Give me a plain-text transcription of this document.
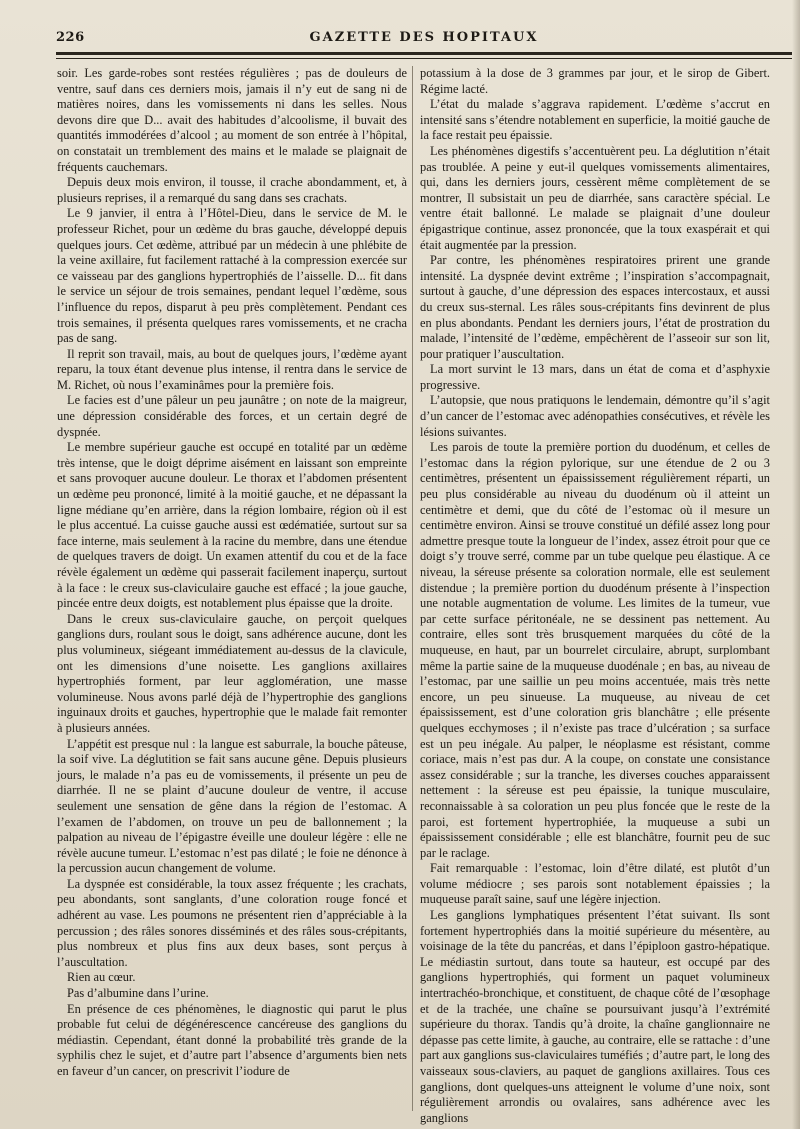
226	GAZETTE DES HOPITAUX

soir. Les garde-robes sont restées régulières ; pas de douleurs de ventre, sauf dans ces derniers mois, jamais il n’y eut de sang ni de matières noires, dans les vomissements ni dans les selles. Nous devons dire que D... avait des habitudes d’alcoolisme, il buvait des quantités immodérées d’alcool ; au moment de son entrée à l’hôpital, on constatait un tremblement des mains et le malade se plaignait de fréquents cauchemars.

Depuis deux mois environ, il tousse, il crache abondamment, et, à plusieurs reprises, il a remarqué du sang dans ses crachats.

Le 9 janvier, il entra à l’Hôtel-Dieu, dans le service de M. le professeur Richet, pour un œdème du bras gauche, développé depuis quelques jours. Cet œdème, attribué par un médecin à une phlébite de la veine axillaire, fut facilement rattaché à la compression exercée sur ce vaisseau par des ganglions hypertrophiés de l’aisselle. D... fit dans le service un séjour de trois semaines, pendant lequel l’œdème, sous l’influence du repos, disparut à peu près complètement. Pendant ces trois semaines, il présenta quelques rares vomissements, et ne cracha pas de sang.

Il reprit son travail, mais, au bout de quelques jours, l’œdème ayant reparu, la toux étant devenue plus intense, il rentra dans le service de M. Richet, où nous l’examinâmes pour la première fois.

Le facies est d’une pâleur un peu jaunâtre ; on note de la maigreur, une dépression considérable des forces, et un certain degré de dyspnée.

Le membre supérieur gauche est occupé en totalité par un œdème très intense, que le doigt déprime aisément en laissant son empreinte et sans provoquer aucune douleur. Le thorax et l’abdomen présentent un œdème peu prononcé, limité à la moitié gauche, et ne dépassant la ligne médiane qu’en arrière, dans la région lombaire, région où il est le plus accentué. La cuisse gauche aussi est œdématiée, surtout sur sa face interne, mais seulement à la racine du membre, dans une étendue de quelques travers de doigt. Un examen attentif du cou et de la face révèle également un œdème qui passerait facilement inaperçu, surtout à la face : le creux sus-claviculaire gauche est effacé ; la joue gauche, pincée entre deux doigts, est notablement plus épaisse que la droite.

Dans le creux sus-claviculaire gauche, on perçoit quelques ganglions durs, roulant sous le doigt, sans adhérence aucune, dont les plus volumineux, siégeant immédiatement au-dessus de la clavicule, ont les dimensions d’une noisette. Les ganglions axillaires hypertrophiés forment, par leur agglomération, une masse volumineuse. Nous avons parlé déjà de l’hypertrophie des ganglions inguinaux droits et gauches, hypertrophie que le malade fait remonter à plusieurs années.

L’appétit est presque nul : la langue est saburrale, la bouche pâteuse, la soif vive. La déglutition se fait sans aucune gêne. Depuis plusieurs jours, le malade n’a pas eu de vomissements, il présente un peu de diarrhée. Il ne se plaint d’aucune douleur de ventre, il accuse seulement une sensation de gêne dans la région de l’estomac. A l’examen de l’abdomen, on trouve un peu de ballonnement ; la palpation au niveau de l’épigastre éveille une douleur légère : elle ne révèle aucune tumeur. L’estomac n’est pas dilaté ; le foie ne dénonce à la percussion aucun changement de volume.

La dyspnée est considérable, la toux assez fréquente ; les crachats, peu abondants, sont sanglants, d’une coloration rouge foncé et adhérent au vase. Les poumons ne présentent rien d’appréciable à la percussion ; des râles sonores disséminés et des râles sous-crépitants, plus nombreux et plus fins aux deux bases, sont perçus à l’auscultation.

Rien au cœur.

Pas d’albumine dans l’urine.

En présence de ces phénomènes, le diagnostic qui parut le plus probable fut celui de dégénérescence cancéreuse des ganglions du médiastin. Cependant, étant donné la probabilité très grande de la syphilis chez le sujet, et d’autre part l’absence d’arguments bien nets en faveur d’un cancer, on prescrivit l’iodure de

potassium à la dose de 3 grammes par jour, et le sirop de Gibert. Régime lacté.

L’état du malade s’aggrava rapidement. L’œdème s’accrut en intensité sans s’étendre notablement en superficie, la moitié gauche de la face restait peu épaissie.

Les phénomènes digestifs s’accentuèrent peu. La déglutition n’était pas troublée. A peine y eut-il quelques vomissements alimentaires, qui, dans les derniers jours, cessèrent même complètement de se montrer, Il subsistait un peu de diarrhée, sans caractère spécial. Le ventre était ballonné. Le malade se plaignait d’une douleur épigastrique continue, assez prononcée, que la toux exaspérait et qui était augmentée par la pression.

Par contre, les phénomènes respiratoires prirent une grande intensité. La dyspnée devint extrême ; l’inspiration s’accompagnait, surtout à gauche, d’une dépression des espaces intercostaux, et aussi du creux sus-sternal. Les râles sous-crépitants fins devinrent de plus en plus abondants. Pendant les derniers jours, l’état de prostration du malade, l’intensité de l’œdème, empêchèrent de l’asseoir sur son lit, pour pratiquer l’auscultation.

La mort survint le 13 mars, dans un état de coma et d’asphyxie progressive.

L’autopsie, que nous pratiquons le lendemain, démontre qu’il s’agit d’un cancer de l’estomac avec adénopathies consécutives, et révèle les lésions suivantes.

Les parois de toute la première portion du duodénum, et celles de l’estomac dans la région pylorique, sur une étendue de 2 ou 3 centimètres, présentent un épaississement régulièrement réparti, un peu plus considérable au niveau du duodénum où il atteint un centimètre et demi, que du côté de l’estomac où il mesure un centimètre environ. Ainsi se trouve constitué un défilé assez long pour admettre presque toute la longueur de l’index, assez étroit pour que ce doigt s’y trouve serré, comme par un tube quelque peu élastique. A ce niveau, la séreuse présente sa coloration normale, elle est seulement distendue ; la première portion du duodénum présente à l’inspection une notable augmentation de volume. Les limites de la tumeur, vue par cette surface péritonéale, ne se dessinent pas nettement. Au contraire, elles sont très brusquement marquées du côté de la muqueuse, en haut, par un bourrelet circulaire, abrupt, surplombant même la partie saine de la muqueuse duodénale ; en bas, au niveau de l’estomac, par une saillie un peu moins accentuée, mais très nette encore, un peu sinueuse. La muqueuse, au niveau de cet épaississement, est d’une coloration gris blanchâtre ; elle présente quelques ecchymoses ; il n’existe pas trace d’ulcération ; sa surface est un peu inégale. Au palper, le néoplasme est résistant, comme coriace, mais n’est pas dur. A la coupe, on constate une consistance assez considérable ; sur la tranche, les diverses couches apparaissent nettement : la séreuse est peu épaissie, la tunique musculaire, reconnaissable à sa coloration un peu plus foncée que le reste de la paroi, est fortement hypertrophiée, la muqueuse a subi un épaississement considérable ; elle est blanchâtre, fournit peu de suc par le raclage.

Fait remarquable : l’estomac, loin d’être dilaté, est plutôt d’un volume médiocre ; ses parois sont notablement épaissies ; la muqueuse paraît saine, sauf une légère injection.

Les ganglions lymphatiques présentent l’état suivant. Ils sont fortement hypertrophiés dans la moitié supérieure du mésentère, au voisinage de la tête du pancréas, et dans l’épiploon gastro-hépatique. Le médiastin surtout, dans toute sa hauteur, est occupé par des ganglions hypertrophiés, qui forment un paquet volumineux intertrachéo-bronchique, et constituent, de chaque côté de l’œsophage et de la trachée, une chaîne se poursuivant jusqu’à l’extrémité supérieure du thorax. Tandis qu’à droite, la chaîne ganglionnaire ne dépasse pas cette limite, à gauche, au contraire, elle se rattache : d’une part aux ganglions sus-claviculaires tuméfiés ; d’autre part, le long des vaisseaux sous-claviers, au paquet de ganglions axillaires. Tous ces ganglions, dont quelques-uns atteignent le volume d’une noix, sont régulièrement arrondis ou ovalaires, sans adhérence avec les ganglions
